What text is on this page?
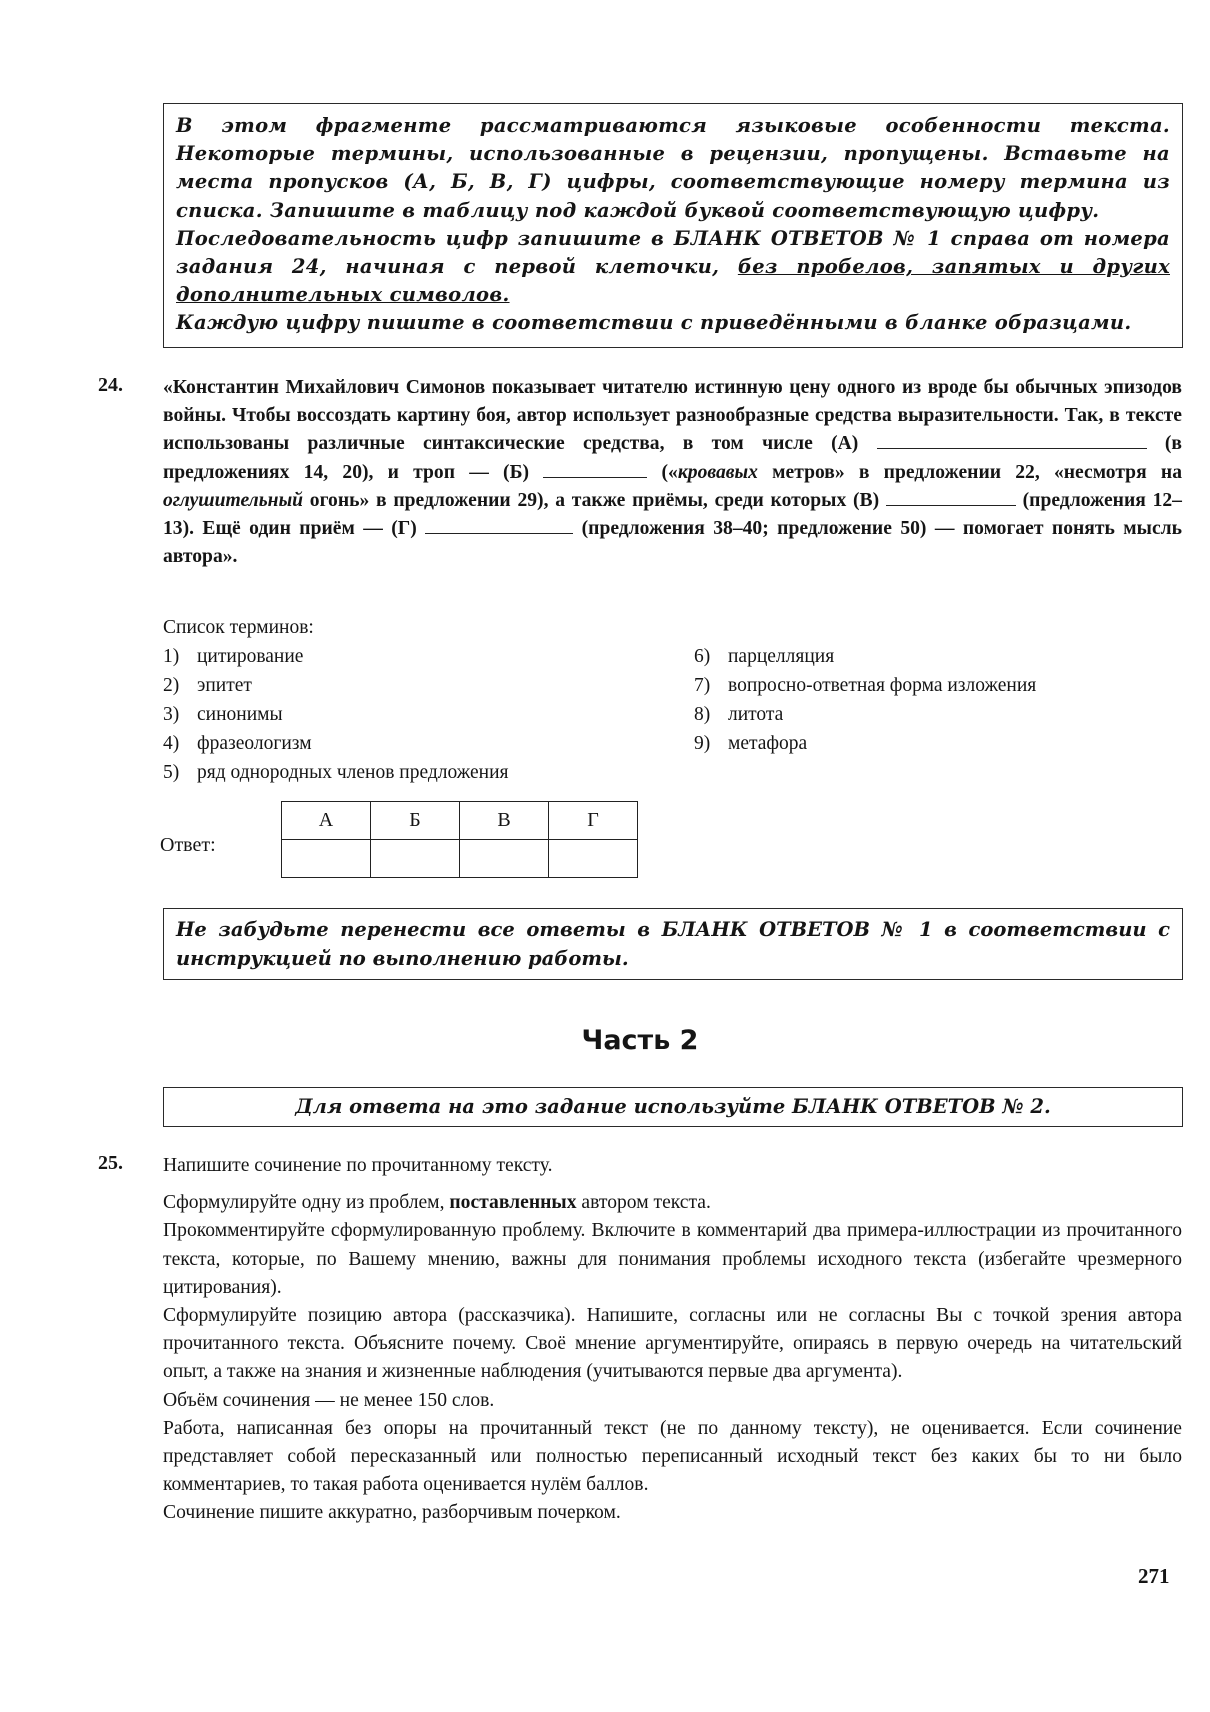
В этом фрагменте рассматриваются языковые особенности текста. Некоторые термины, использованные в рецензии, пропущены. Вставьте на места пропусков (А, Б, В, Г) цифры, соответствующие номеру термина из списка. Запишите в таблицу под каждой буквой соответствующую цифру.
Последовательность цифр запишите в БЛАНК ОТВЕТОВ № 1 справа от номера задания 24, начиная с первой клеточки, без пробелов, запятых и других дополнительных символов.
Каждую цифру пишите в соответствии с приведёнными в бланке образцами.

24. «Константин Михайлович Симонов показывает читателю истинную цену одного из вроде бы обычных эпизодов войны. Чтобы воссоздать картину боя, автор использует разнообразные средства выразительности. Так, в тексте использованы различные синтаксические средства, в том числе (А)	(в предложениях 14, 20), и троп — (Б)	(«кровавых метров» в предложении 22, «несмотря на оглушительный огонь» в предложении 29), а также приёмы, среди которых (В)	(предложения 12–13). Ещё один приём — (Г)	(предложения 38–40; предложение 50) — помогает понять мысль автора».
Список терминов:
1) цитирование
2) эпитет
3) синонимы
4) фразеологизм
5) ряд однородных членов предложения
6) парцелляция
7) вопросно-ответная форма изложения
8) литота
9) метафора
Ответ:
А	Б	В	Г

Не забудьте перенести все ответы в БЛАНК ОТВЕТОВ № 1 в соответствии с инструкцией по выполнению работы.

Часть 2

Для ответа на это задание используйте БЛАНК ОТВЕТОВ № 2.

25. Напишите сочинение по прочитанному тексту.

Сформулируйте одну из проблем, поставленных автором текста.

Прокомментируйте сформулированную проблему. Включите в комментарий два примера-иллюстрации из прочитанного текста, которые, по Вашему мнению, важны для понимания проблемы исходного текста (избегайте чрезмерного цитирования).

Сформулируйте позицию автора (рассказчика). Напишите, согласны или не согласны Вы с точкой зрения автора прочитанного текста. Объясните почему. Своё мнение аргументируйте, опираясь в первую очередь на читательский опыт, а также на знания и жизненные наблюдения (учитываются первые два аргумента).

Объём сочинения — не менее 150 слов.

Работа, написанная без опоры на прочитанный текст (не по данному тексту), не оценивается. Если сочинение представляет собой пересказанный или полностью переписанный исходный текст без каких бы то ни было комментариев, то такая работа оценивается нулём баллов.

Сочинение пишите аккуратно, разборчивым почерком.

271
